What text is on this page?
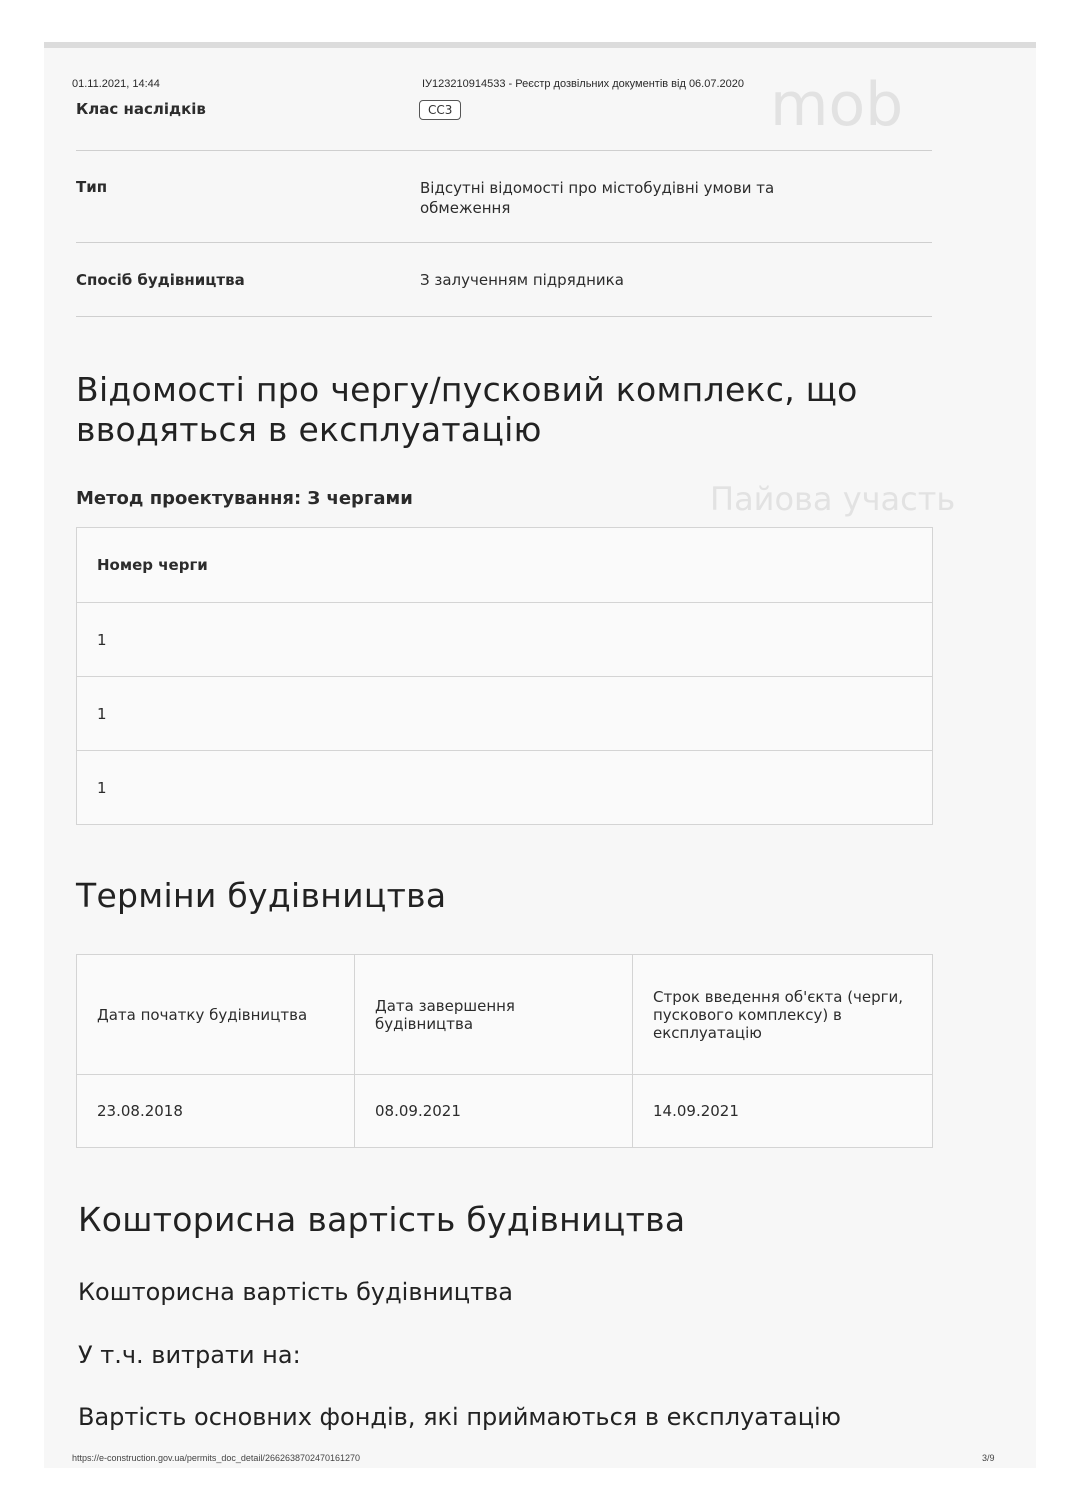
mob
Пайова участь
01.11.2021, 14:44	ІУ123210914533 - Реєстр дозвільних документів від 06.07.2020
Клас наслідків	СС3
Тип	Відсутні відомості про містобудівні умови та обмеження
Спосіб будівництва	З залученням підрядника
Відомості про чергу/пусковий комплекс, що вводяться в експлуатацію
Метод проектування: З чергами
Номер черги
1
1
1
Терміни будівництва
Дата початку будівництва	Дата завершення будівництва	Строк введення об'єкта (черги, пускового комплексу) в експлуатацію
23.08.2018	08.09.2021	14.09.2021
Кошторисна вартість будівництва
Кошторисна вартість будівництва
У т.ч. витрати на:
Вартість основних фондів, які приймаються в експлуатацію
https://e-construction.gov.ua/permits_doc_detail/2662638702470161270	3/9
